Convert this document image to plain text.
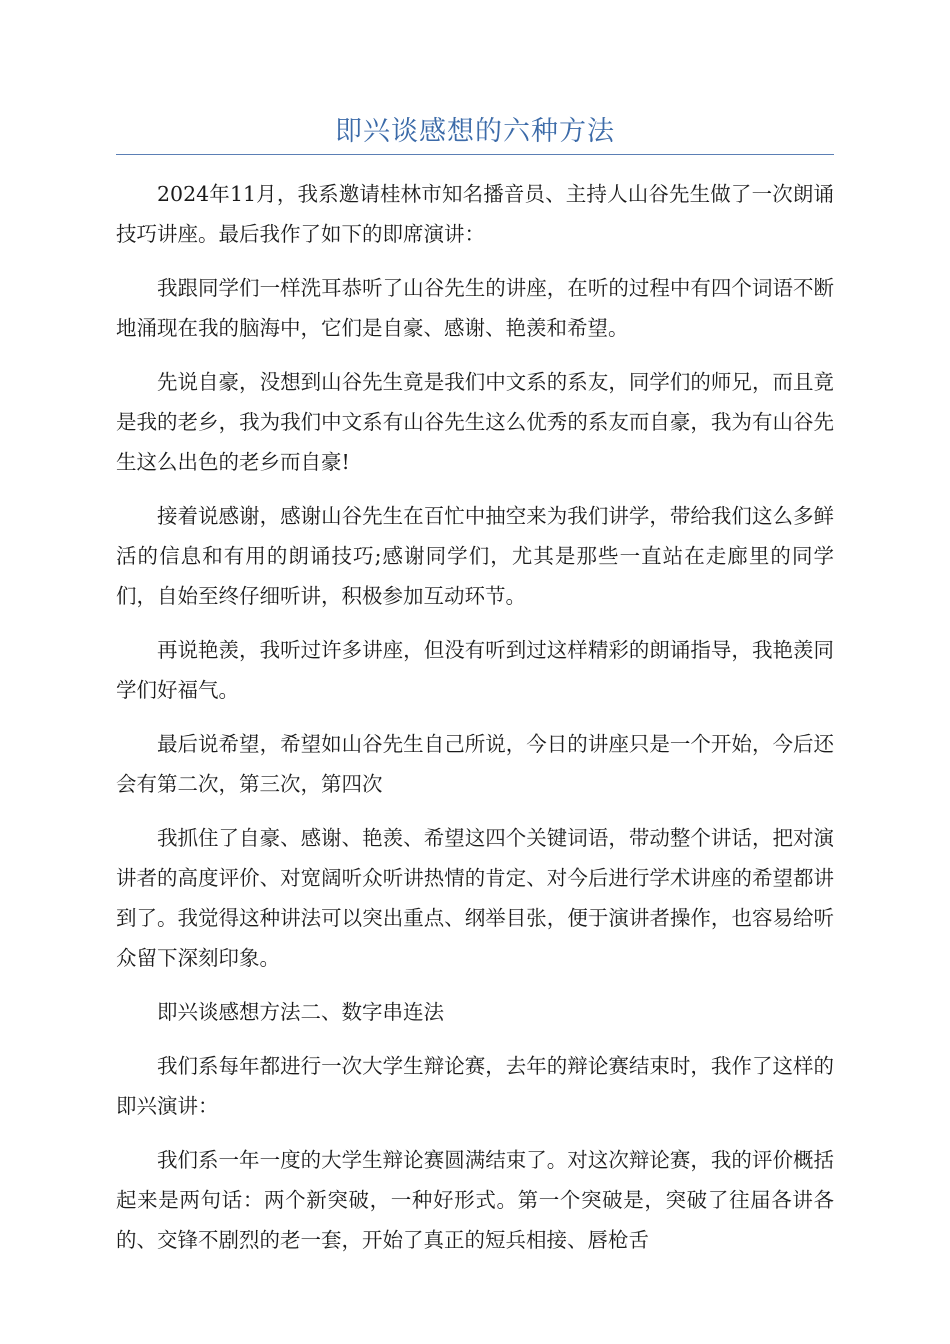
即兴谈感想的六种方法

2024年11月，我系邀请桂林市知名播音员、主持人山谷先生做了一次朗诵技巧讲座。最后我作了如下的即席演讲：

我跟同学们一样洗耳恭听了山谷先生的讲座，在听的过程中有四个词语不断地涌现在我的脑海中，它们是自豪、感谢、艳羡和希望。

先说自豪，没想到山谷先生竟是我们中文系的系友，同学们的师兄，而且竟是我的老乡，我为我们中文系有山谷先生这么优秀的系友而自豪，我为有山谷先生这么出色的老乡而自豪!

接着说感谢，感谢山谷先生在百忙中抽空来为我们讲学，带给我们这么多鲜活的信息和有用的朗诵技巧;感谢同学们，尤其是那些一直站在走廊里的同学们，自始至终仔细听讲，积极参加互动环节。

再说艳羡，我听过许多讲座，但没有听到过这样精彩的朗诵指导，我艳羡同学们好福气。

最后说希望，希望如山谷先生自己所说，今日的讲座只是一个开始，今后还会有第二次，第三次，第四次

我抓住了自豪、感谢、艳羡、希望这四个关键词语，带动整个讲话，把对演讲者的高度评价、对宽阔听众听讲热情的肯定、对今后进行学术讲座的希望都讲到了。我觉得这种讲法可以突出重点、纲举目张，便于演讲者操作，也容易给听众留下深刻印象。

即兴谈感想方法二、数字串连法

我们系每年都进行一次大学生辩论赛，去年的辩论赛结束时，我作了这样的即兴演讲：

我们系一年一度的大学生辩论赛圆满结束了。对这次辩论赛，我的评价概括起来是两句话：两个新突破，一种好形式。第一个突破是，突破了往届各讲各的、交锋不剧烈的老一套，开始了真正的短兵相接、唇枪舌
